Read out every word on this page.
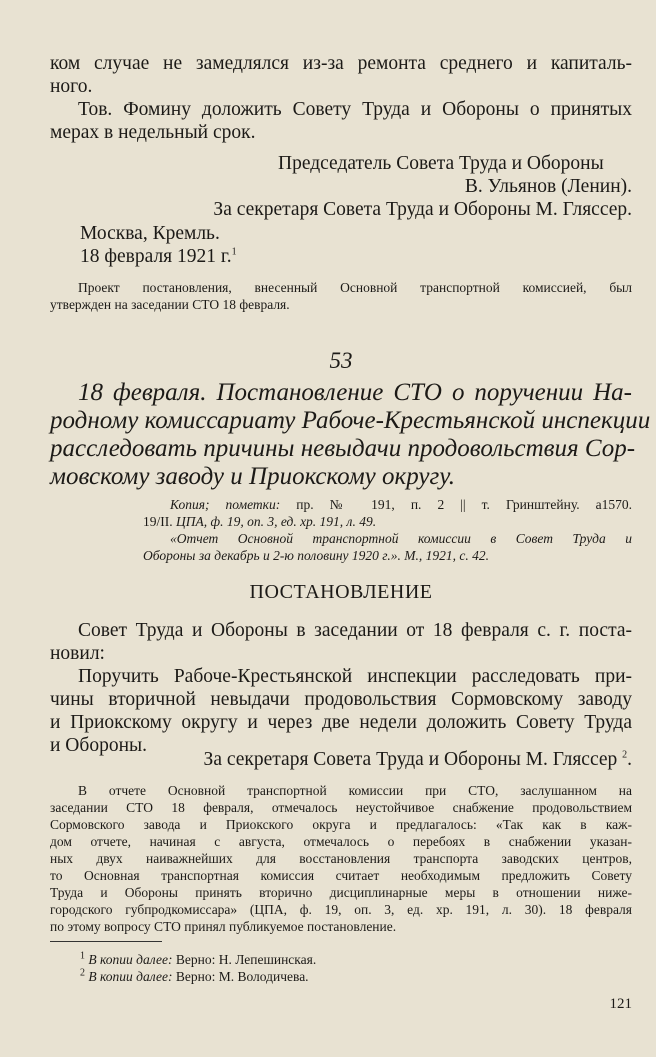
ком случае не замедлялся из-за ремонта среднего и капиталь-
ного.
Тов. Фомину доложить Совету Труда и Обороны о принятых
мерах в недельный срок.
Председатель Совета Труда и Обороны
В. Ульянов (Ленин).
За секретаря Совета Труда и Обороны М. Гляссер.
Москва, Кремль.
18 февраля 1921 г.$^1$
Проект постановления, внесенный Основной транспортной комиссией, был
утвержден на заседании СТО 18 февраля.
53
18 февраля. Постановление СТО о поручении На-
родному комиссариату Рабоче-Крестьянской инспекции
расследовать причины невыдачи продовольствия Сор-
мовскому заводу и Приокскому округу.
Копия; пометки: пр. № 191, п. 2 || т. Гринштейну. а1570.
19/II. ЦПА, ф. 19, оп. 3, ед. хр. 191, л. 49.
«Отчет Основной транспортной комиссии в Совет Труда и
Обороны за декабрь и 2-ю половину 1920 г.». М., 1921, с. 42.
ПОСТАНОВЛЕНИЕ
Совет Труда и Обороны в заседании от 18 февраля с. г. поста-
новил:
Поручить Рабоче-Крестьянской инспекции расследовать при-
чины вторичной невыдачи продовольствия Сормовскому заводу
и Приокскому округу и через две недели доложить Совету Труда
и Обороны.
За секретаря Совета Труда и Обороны М. Гляссер $^2$.
В отчете Основной транспортной комиссии при СТО, заслушанном на
заседании СТО 18 февраля, отмечалось неустойчивое снабжение продовольствием
Сормовского завода и Приокского округа и предлагалось: «Так как в каж-
дом отчете, начиная с августа, отмечалось о перебоях в снабжении указан-
ных двух наиважнейших для восстановления транспорта заводских центров,
то Основная транспортная комиссия считает необходимым предложить Совету
Труда и Обороны принять вторично дисциплинарные меры в отношении ниже-
городского губпродкомиссара» (ЦПА, ф. 19, оп. 3, ед. хр. 191, л. 30). 18 февраля
по этому вопросу СТО принял публикуемое постановление.
$^1$ В копии далее: Верно: Н. Лепешинская.
$^2$ В копии далее: Верно: М. Володичева.
121
